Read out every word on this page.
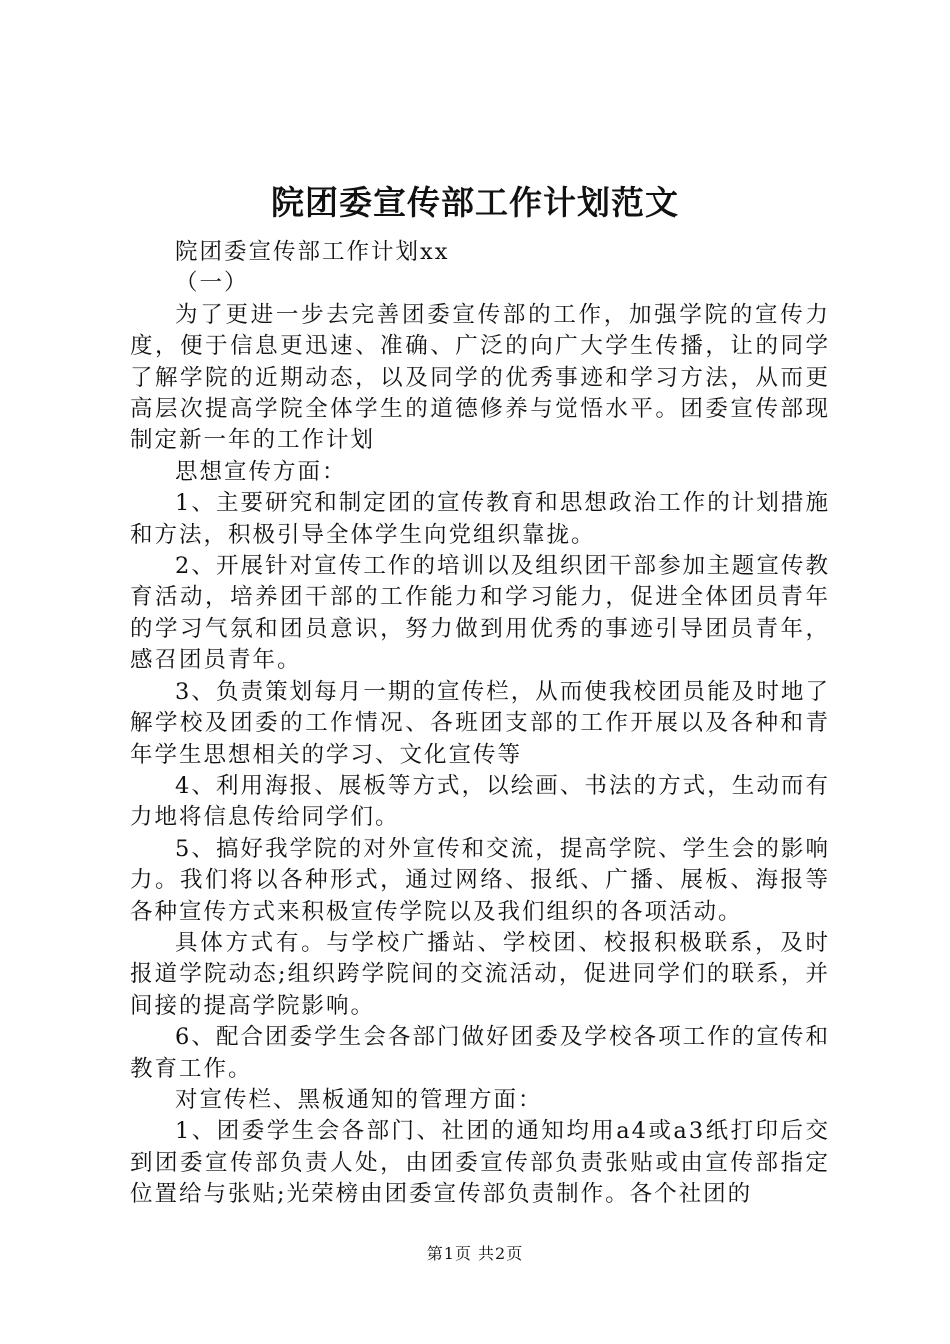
院团委宣传部工作计划范文

院团委宣传部工作计划xx

（一）

为了更进一步去完善团委宣传部的工作，加强学院的宣传力度，便于信息更迅速、准确、广泛的向广大学生传播，让的同学了解学院的近期动态，以及同学的优秀事迹和学习方法，从而更高层次提高学院全体学生的道德修养与觉悟水平。团委宣传部现制定新一年的工作计划

思想宣传方面：

1、主要研究和制定团的宣传教育和思想政治工作的计划措施和方法，积极引导全体学生向党组织靠拢。

2、开展针对宣传工作的培训以及组织团干部参加主题宣传教育活动，培养团干部的工作能力和学习能力，促进全体团员青年的学习气氛和团员意识，努力做到用优秀的事迹引导团员青年，感召团员青年。

3、负责策划每月一期的宣传栏，从而使我校团员能及时地了解学校及团委的工作情况、各班团支部的工作开展以及各种和青年学生思想相关的学习、文化宣传等

4、利用海报、展板等方式，以绘画、书法的方式，生动而有力地将信息传给同学们。

5、搞好我学院的对外宣传和交流，提高学院、学生会的影响力。我们将以各种形式，通过网络、报纸、广播、展板、海报等各种宣传方式来积极宣传学院以及我们组织的各项活动。

具体方式有。与学校广播站、学校团、校报积极联系，及时报道学院动态;组织跨学院间的交流活动，促进同学们的联系，并间接的提高学院影响。

6、配合团委学生会各部门做好团委及学校各项工作的宣传和教育工作。

对宣传栏、黑板通知的管理方面：

1、团委学生会各部门、社团的通知均用a4或a3纸打印后交到团委宣传部负责人处，由团委宣传部负责张贴或由宣传部指定位置给与张贴;光荣榜由团委宣传部负责制作。各个社团的

第1页 共2页
